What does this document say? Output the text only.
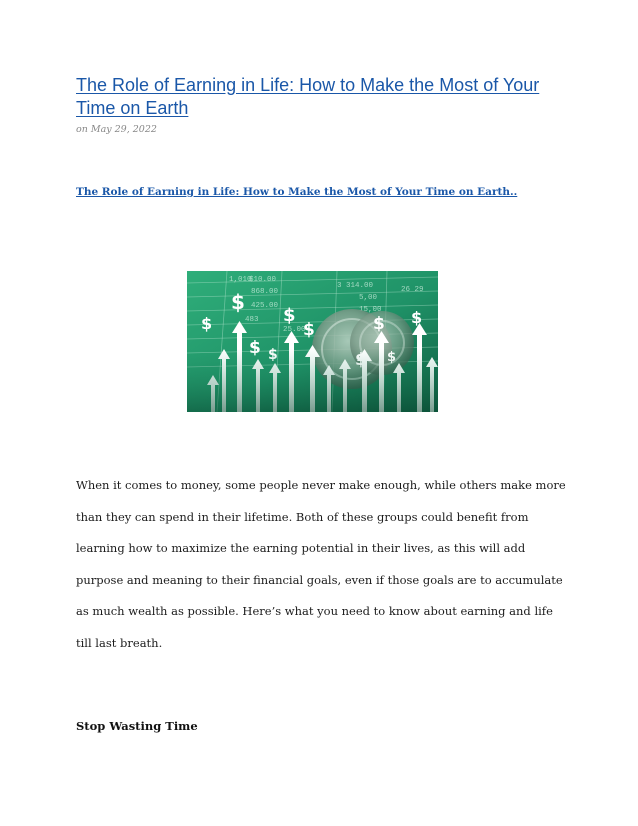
The Role of Earning in Life: How to Make the Most of Your Time on Earth
on May 29, 2022
The Role of Earning in Life: How to Make the Most of Your Time on Earth..

When it comes to money, some people never make enough, while others make more than they can spend in their lifetime. Both of these groups could benefit from learning how to maximize the earning potential in their lives, as this will add purpose and meaning to their financial goals, even if those goals are to accumulate as much wealth as possible. Here’s what you need to know about earning and life till last breath.

Stop Wasting Time
